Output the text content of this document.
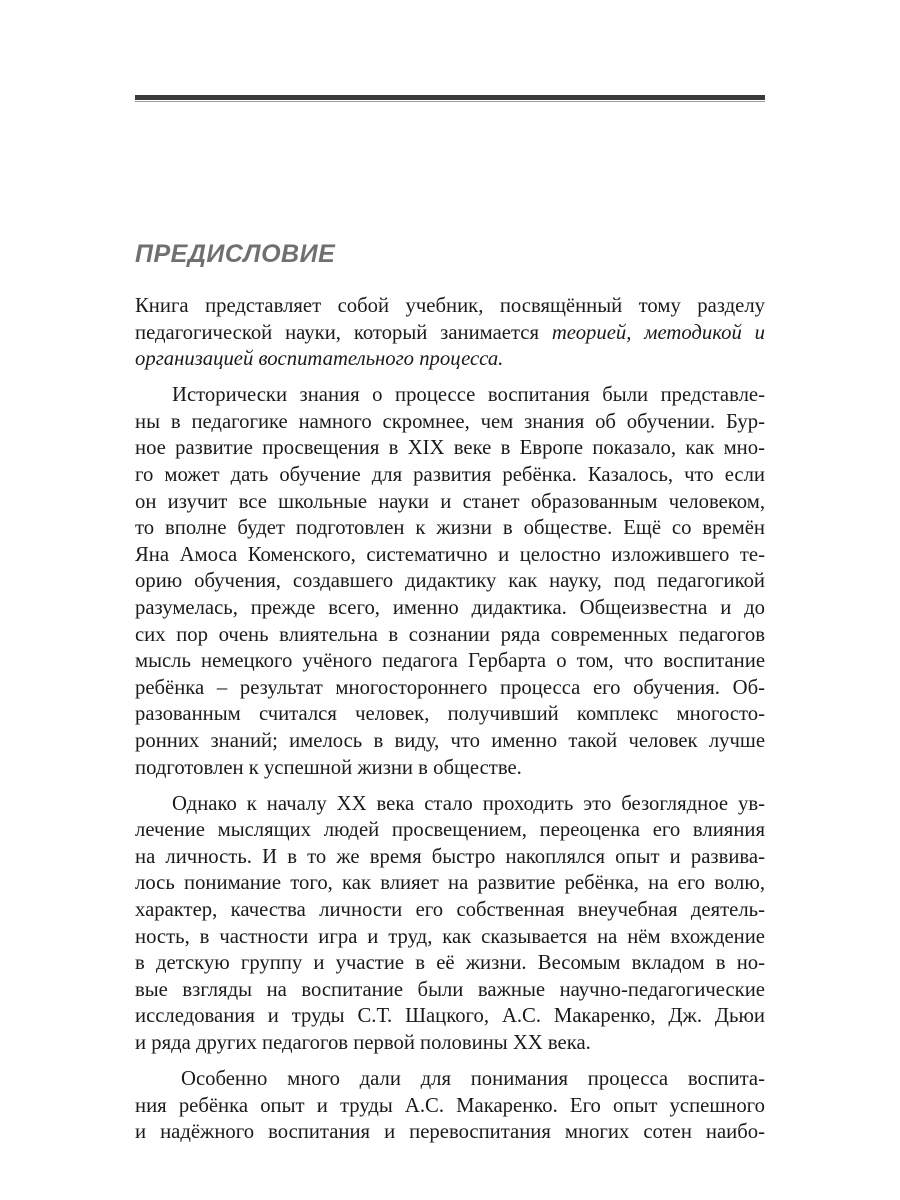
ПРЕДИСЛОВИЕ

Книга представляет собой учебник, посвящённый тому разделу
педагогической науки, который занимается теорией, методикой и
организацией воспитательного процесса.

Исторически знания о процессе воспитания были представле-
ны в педагогике намного скромнее, чем знания об обучении. Бур-
ное развитие просвещения в XIX веке в Европе показало, как мно-
го может дать обучение для развития ребёнка. Казалось, что если
он изучит все школьные науки и станет образованным человеком,
то вполне будет подготовлен к жизни в обществе. Ещё со времён
Яна Амоса Коменского, систематично и целостно изложившего те-
орию обучения, создавшего дидактику как науку, под педагогикой
разумелась, прежде всего, именно дидактика. Общеизвестна и до
сих пор очень влиятельна в сознании ряда современных педагогов
мысль немецкого учёного педагога Гербарта о том, что воспитание
ребёнка – результат многостороннего процесса его обучения. Об-
разованным считался человек, получивший комплекс многосто-
ронних знаний; имелось в виду, что именно такой человек лучше
подготовлен к успешной жизни в обществе.

Однако к началу XX века стало проходить это безоглядное ув-
лечение мыслящих людей просвещением, переоценка его влияния
на личность. И в то же время быстро накоплялся опыт и развива-
лось понимание того, как влияет на развитие ребёнка, на его волю,
характер, качества личности его собственная внеучебная деятель-
ность, в частности игра и труд, как сказывается на нём вхождение
в детскую группу и участие в её жизни. Весомым вкладом в но-
вые взгляды на воспитание были важные научно-педагогические
исследования и труды С.Т. Шацкого, А.С. Макаренко, Дж. Дьюи
и ряда других педагогов первой половины XX века.

Особенно много дали для понимания процесса воспита-
ния ребёнка опыт и труды А.С. Макаренко. Его опыт успешного
и надёжного воспитания и перевоспитания многих сотен наибо-
